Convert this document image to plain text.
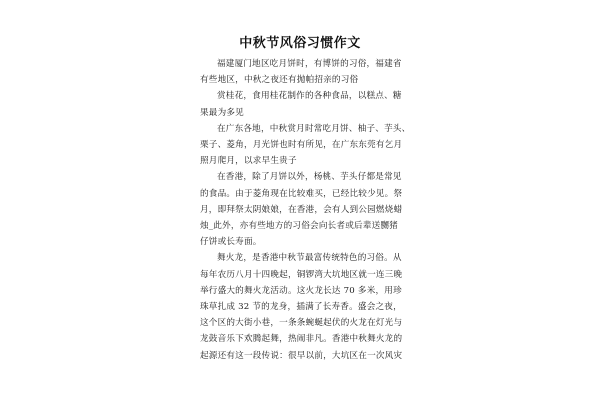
中秋节风俗习惯作文
福建厦门地区吃月饼时，有博饼的习俗，福建省
有些地区，中秋之夜还有抛帕招亲的习俗
赏桂花，食用桂花制作的各种食品，以糕点、糖
果最为多见
在广东各地，中秋赏月时常吃月饼、柚子、芋头、
栗子、菱角，月光饼也时有所见，在广东东莞有乞月
照月爬月，以求早生贵子
在香港，除了月饼以外，杨桃、芋头仔都是常见
的食品。由于菱角现在比较难买，已经比较少见。祭
月，即拜祭太阴娘娘，在香港，会有人到公园燃烧蜡
烛_此外，亦有些地方的习俗会向长者或后辈送嬲猪
仔饼或长寿面。
舞火龙，是香港中秋节最富传统特色的习俗。从
每年农历八月十四晚起，铜锣湾大坑地区就一连三晚
举行盛大的舞火龙活动。这火龙长达 70 多米，用珍
珠草扎成 32 节的龙身，插满了长寿香。盛会之夜，
这个区的大街小巷，一条条蜿蜒起伏的火龙在灯光与
龙鼓音乐下欢腾起舞，热闹非凡。香港中秋舞火龙的
起源还有这一段传说：很早以前，大坑区在一次风灾
